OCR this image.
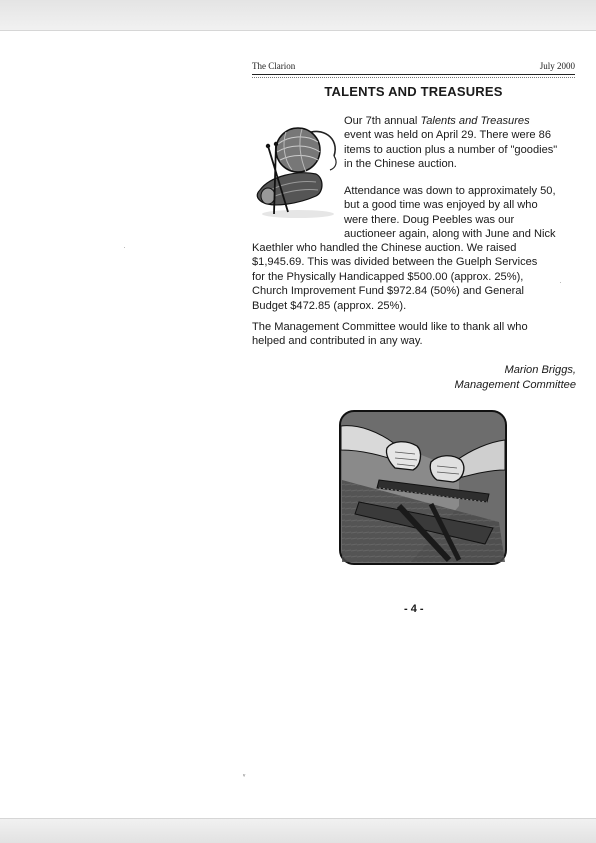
The Clarion	July 2000
TALENTS AND TREASURES
Our 7th annual Talents and Treasures
event was held on April 29. There were 86
items to auction plus a number of "goodies"
in the Chinese auction.
Attendance was down to approximately 50,
but a good time was enjoyed by all who
were there. Doug Peebles was our
auctioneer again, along with June and Nick
Kaethler who handled the Chinese auction. We raised
$1,945.69. This was divided between the Guelph Services
for the Physically Handicapped $500.00 (approx. 25%),
Church Improvement Fund $972.84 (50%) and General
Budget $472.85 (approx. 25%).
The Management Committee would like to thank all who
helped and contributed in any way.
Marion Briggs,
Management Committee
- 4 -
ᵥ
